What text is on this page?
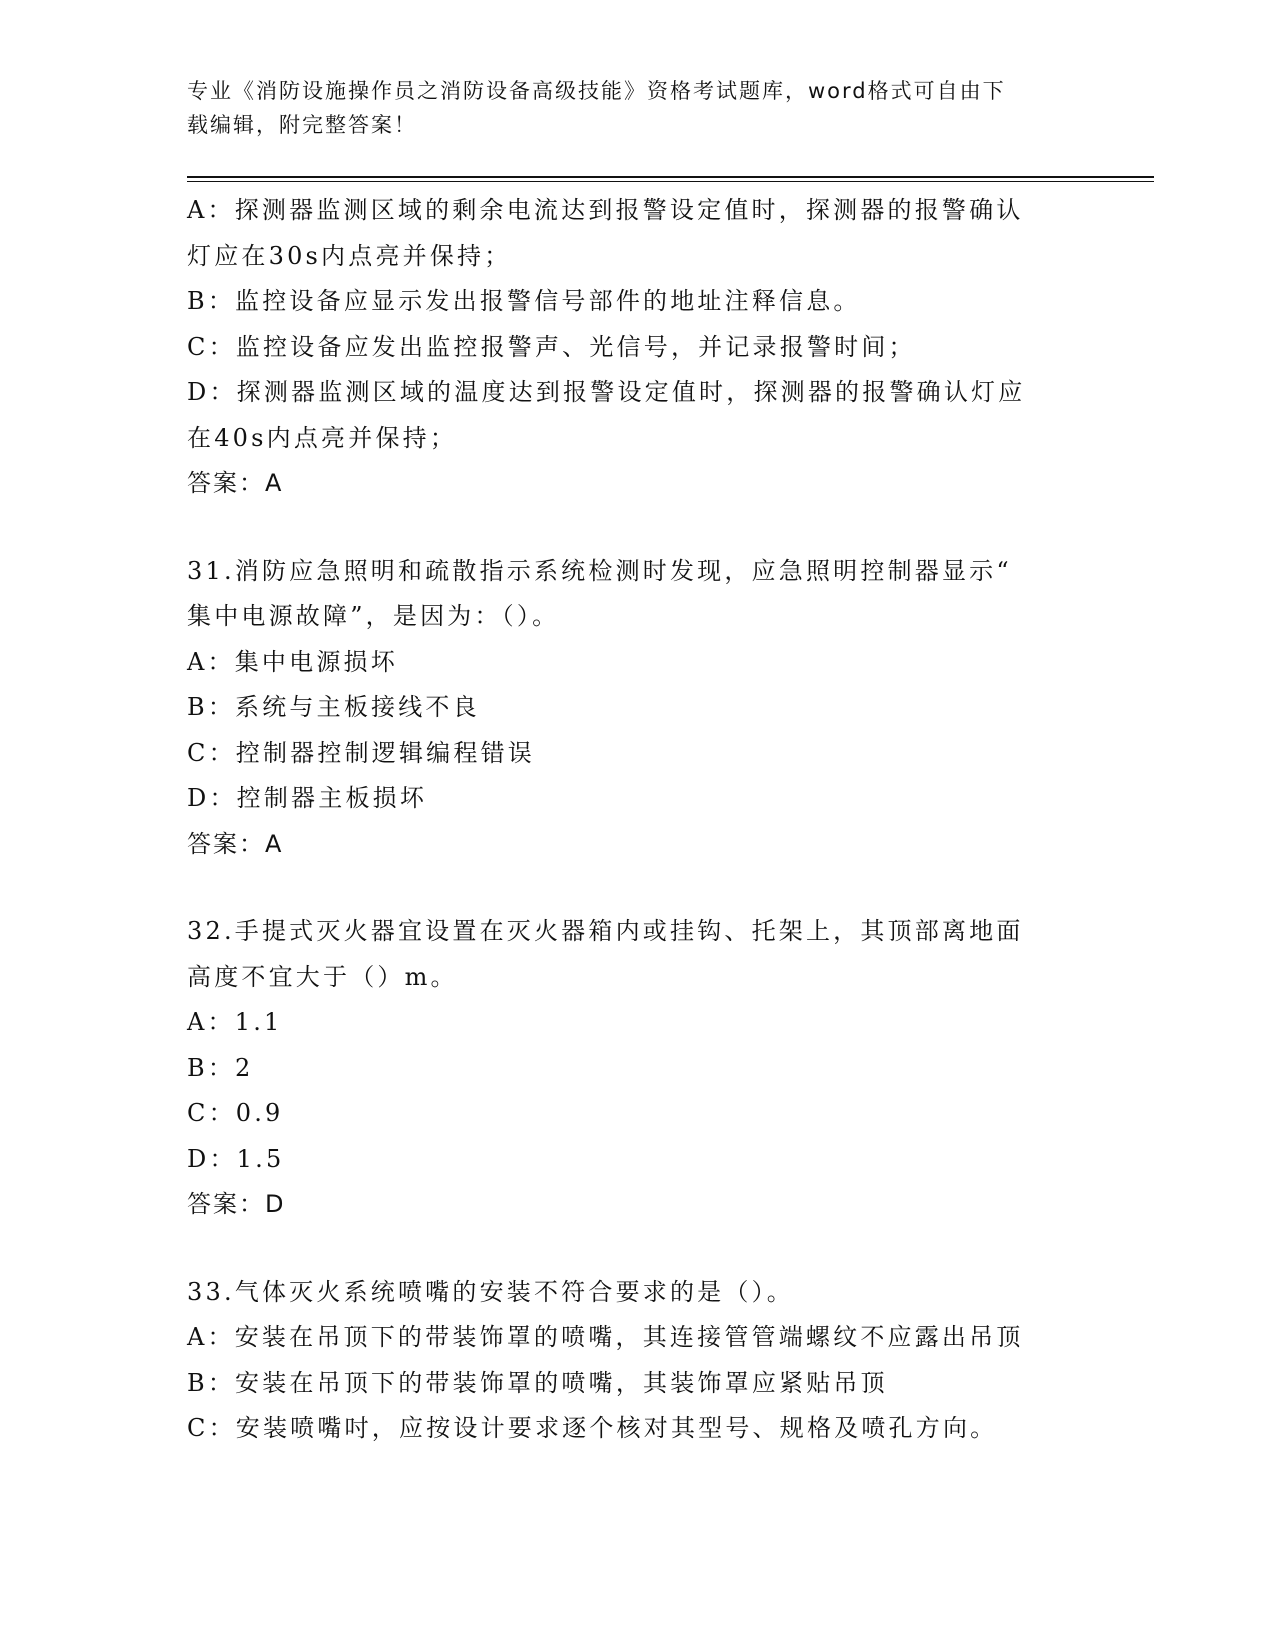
专业《消防设施操作员之消防设备高级技能》资格考试题库，word格式可自由下
载编辑，附完整答案！
A：探测器监测区域的剩余电流达到报警设定值时，探测器的报警确认
灯应在30s内点亮并保持；
B：监控设备应显示发出报警信号部件的地址注释信息。
C：监控设备应发出监控报警声、光信号，并记录报警时间；
D：探测器监测区域的温度达到报警设定值时，探测器的报警确认灯应
在40s内点亮并保持；
答案：A
31.消防应急照明和疏散指示系统检测时发现，应急照明控制器显示“
集中电源故障”，是因为：（）。
A：集中电源损坏
B：系统与主板接线不良
C：控制器控制逻辑编程错误
D：控制器主板损坏
答案：A
32.手提式灭火器宜设置在灭火器箱内或挂钩、托架上，其顶部离地面
高度不宜大于（）m。
A：1.1
B：2
C：0.9
D：1.5
答案：D
33.气体灭火系统喷嘴的安装不符合要求的是（）。
A：安装在吊顶下的带装饰罩的喷嘴，其连接管管端螺纹不应露出吊顶
B：安装在吊顶下的带装饰罩的喷嘴，其装饰罩应紧贴吊顶
C：安装喷嘴吋，应按设计要求逐个核对其型号、规格及喷孔方向。
